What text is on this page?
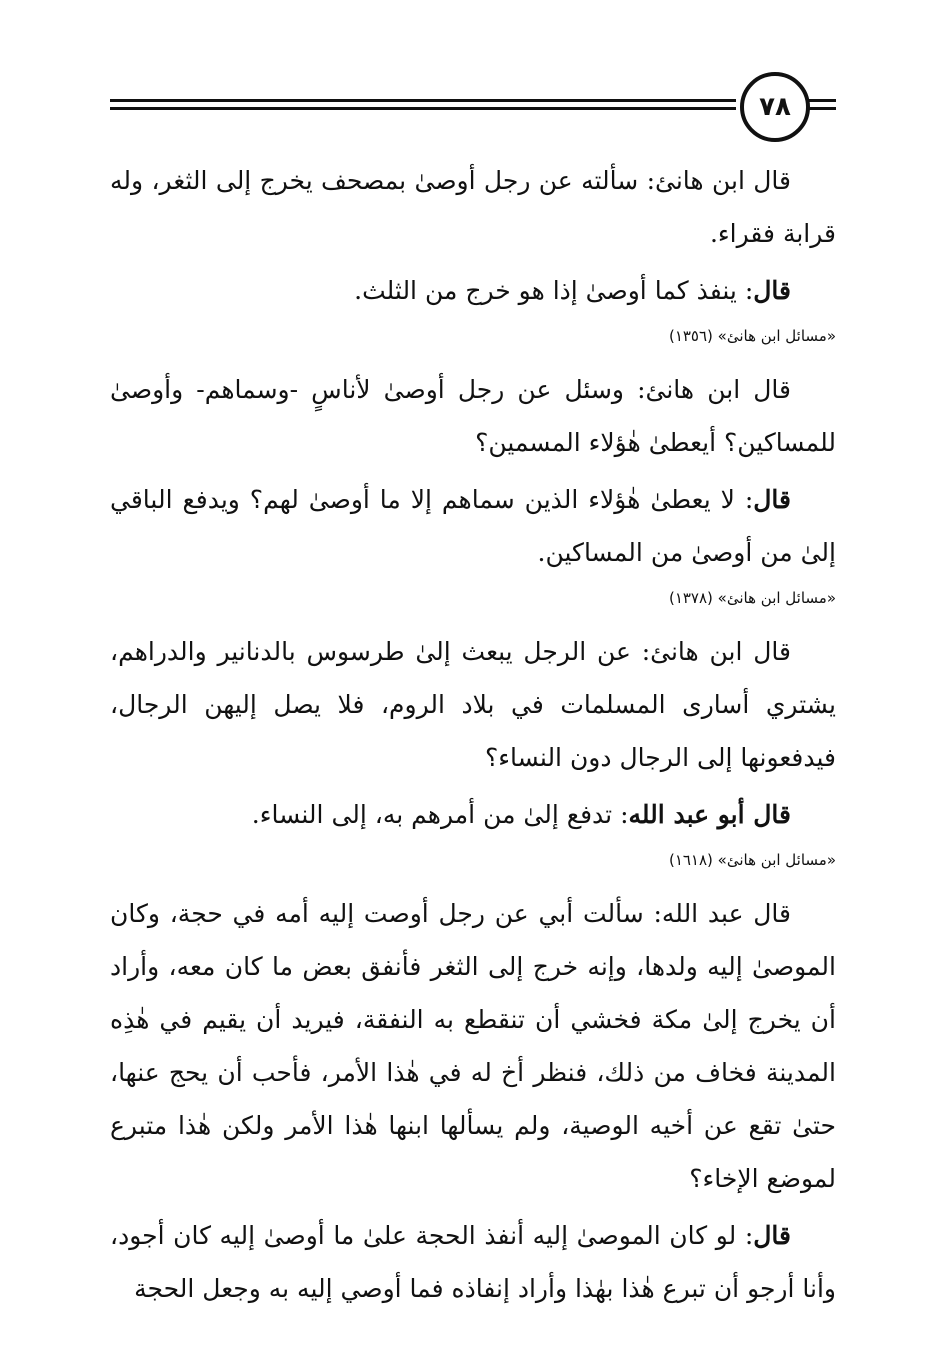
٧٨

قال ابن هانئ: سألته عن رجل أوصىٰ بمصحف يخرج إلى الثغر، وله قرابة فقراء.

قال: ينفذ كما أوصىٰ إذا هو خرج من الثلث.

«مسائل ابن هانئ» (١٣٥٦)

قال ابن هانئ: وسئل عن رجل أوصىٰ لأناسٍ -وسماهم- وأوصىٰ للمساكين؟ أيعطىٰ هٰؤلاء المسمين؟

قال: لا يعطىٰ هٰؤلاء الذين سماهم إلا ما أوصىٰ لهم؟ ويدفع الباقي إلىٰ من أوصىٰ من المساكين.

«مسائل ابن هانئ» (١٣٧٨)

قال ابن هانئ: عن الرجل يبعث إلىٰ طرسوس بالدنانير والدراهم، يشتري أسارى المسلمات في بلاد الروم، فلا يصل إليهن الرجال، فيدفعونها إلى الرجال دون النساء؟

قال أبو عبد الله: تدفع إلىٰ من أمرهم به، إلى النساء.

«مسائل ابن هانئ» (١٦١٨)

قال عبد الله: سألت أبي عن رجل أوصت إليه أمه في حجة، وكان الموصىٰ إليه ولدها، وإنه خرج إلى الثغر فأنفق بعض ما كان معه، وأراد أن يخرج إلىٰ مكة فخشي أن تنقطع به النفقة، فيريد أن يقيم في هٰذِه المدينة فخاف من ذلك، فنظر أخ له في هٰذا الأمر، فأحب أن يحج عنها، حتىٰ تقع عن أخيه الوصية، ولم يسألها ابنها هٰذا الأمر ولكن هٰذا متبرع لموضع الإخاء؟

قال: لو كان الموصىٰ إليه أنفذ الحجة علىٰ ما أوصىٰ إليه كان أجود، وأنا أرجو أن تبرع هٰذا بهٰذا وأراد إنفاذه فما أوصي إليه به وجعل الحجة
